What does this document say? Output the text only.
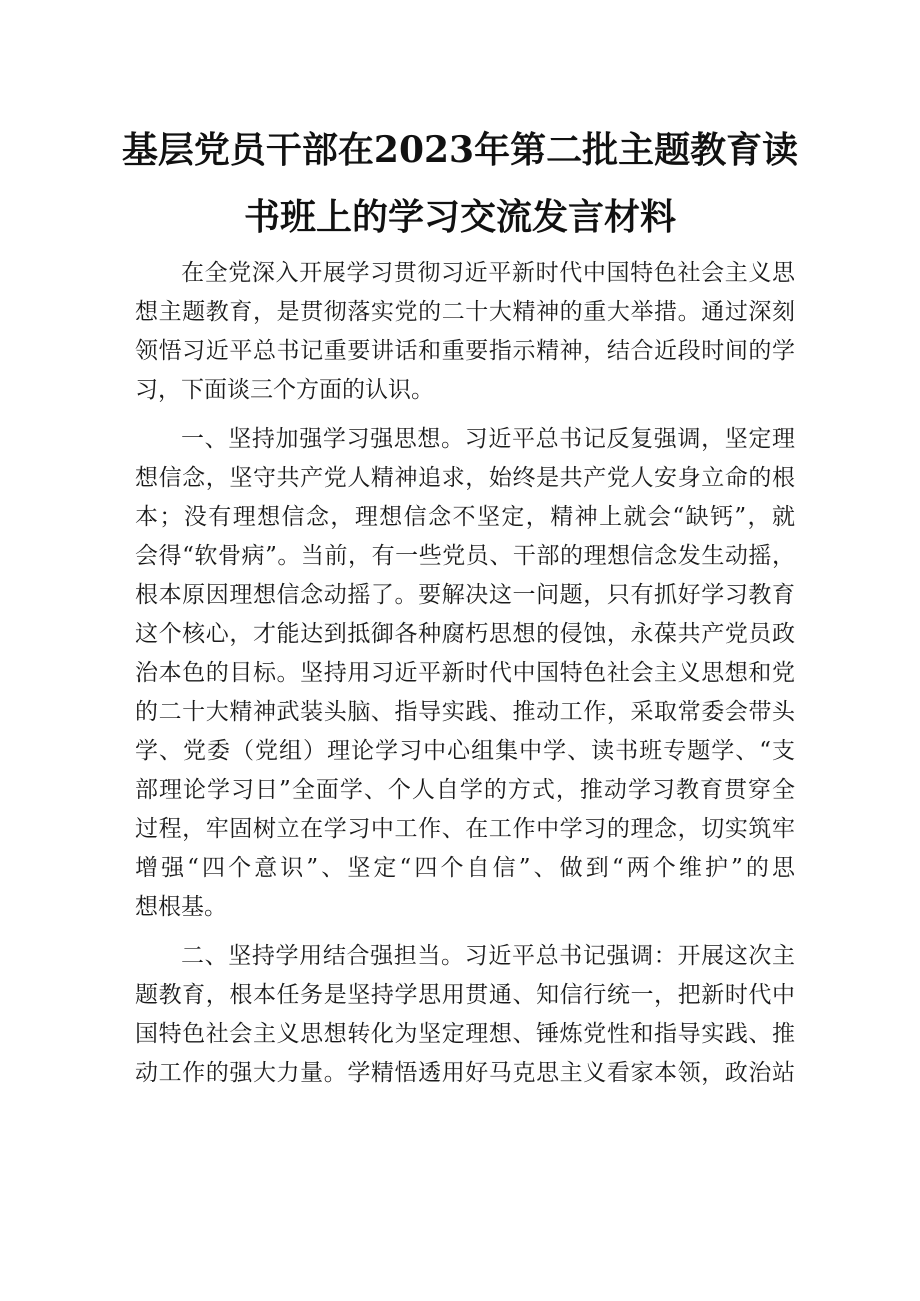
基层党员干部在2023年第二批主题教育读
书班上的学习交流发言材料
在全党深入开展学习贯彻习近平新时代中国特色社会主义思
想主题教育，是贯彻落实党的二十大精神的重大举措。通过深刻
领悟习近平总书记重要讲话和重要指示精神，结合近段时间的学
习，下面谈三个方面的认识。
一、坚持加强学习强思想。习近平总书记反复强调，坚定理
想信念，坚守共产党人精神追求，始终是共产党人安身立命的根
本；没有理想信念，理想信念不坚定，精神上就会“缺钙”，就
会得“软骨病”。当前，有一些党员、干部的理想信念发生动摇，
根本原因理想信念动摇了。要解决这一问题，只有抓好学习教育
这个核心，才能达到抵御各种腐朽思想的侵蚀，永葆共产党员政
治本色的目标。坚持用习近平新时代中国特色社会主义思想和党
的二十大精神武装头脑、指导实践、推动工作，采取常委会带头
学、党委（党组）理论学习中心组集中学、读书班专题学、“支
部理论学习日”全面学、个人自学的方式，推动学习教育贯穿全
过程，牢固树立在学习中工作、在工作中学习的理念，切实筑牢
增强“四个意识”、坚定“四个自信”、做到“两个维护”的思
想根基。
二、坚持学用结合强担当。习近平总书记强调：开展这次主
题教育，根本任务是坚持学思用贯通、知信行统一，把新时代中
国特色社会主义思想转化为坚定理想、锤炼党性和指导实践、推
动工作的强大力量。学精悟透用好马克思主义看家本领，政治站
